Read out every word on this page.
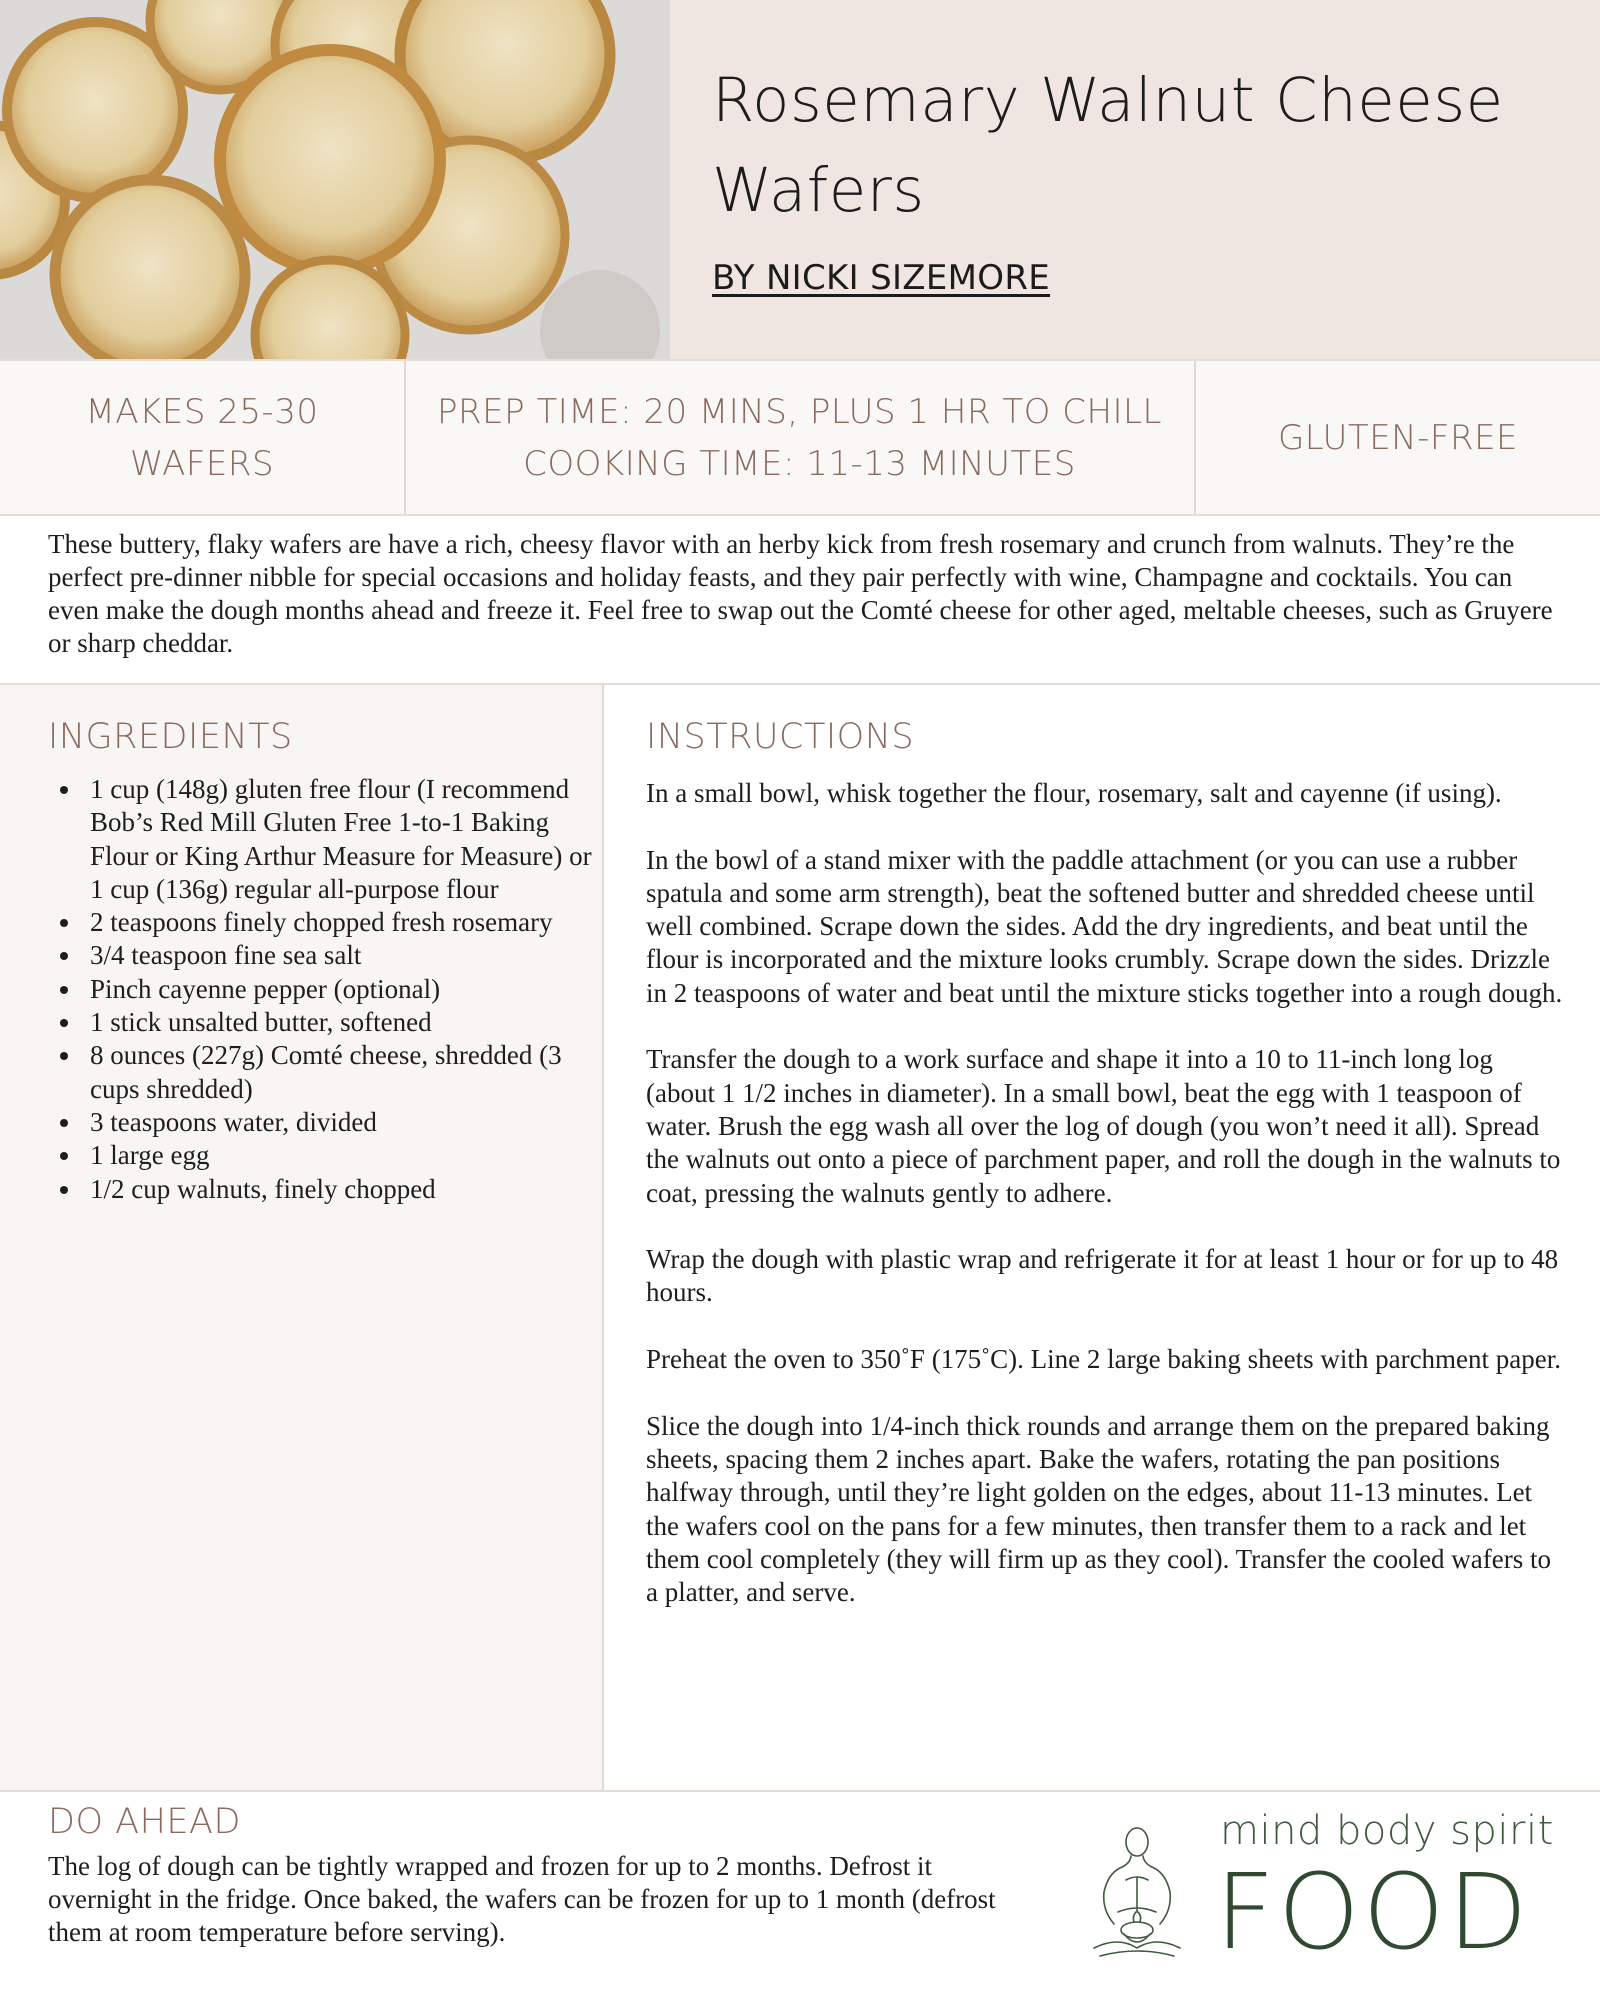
Rosemary Walnut Cheese Wafers
BY NICKI SIZEMORE
MAKES 25-30
WAFERS
PREP TIME: 20 MINS, PLUS 1 HR TO CHILL
COOKING TIME: 11-13 MINUTES
GLUTEN-FREE
These buttery, flaky wafers are have a rich, cheesy flavor with an herby kick from fresh rosemary and crunch from walnuts. They’re the perfect pre-dinner nibble for special occasions and holiday feasts, and they pair perfectly with wine, Champagne and cocktails. You can even make the dough months ahead and freeze it. Feel free to swap out the Comté cheese for other aged, meltable cheeses, such as Gruyere or sharp cheddar.
INGREDIENTS
1 cup (148g) gluten free flour (I recommend Bob’s Red Mill Gluten Free 1-to-1 Baking Flour or King Arthur Measure for Measure) or 1 cup (136g) regular all-purpose flour
2 teaspoons finely chopped fresh rosemary
3/4 teaspoon fine sea salt
Pinch cayenne pepper (optional)
1 stick unsalted butter, softened
8 ounces (227g) Comté cheese, shredded (3 cups shredded)
3 teaspoons water, divided
1 large egg
1/2 cup walnuts, finely chopped
INSTRUCTIONS

In a small bowl, whisk together the flour, rosemary, salt and cayenne (if using).

In the bowl of a stand mixer with the paddle attachment (or you can use a rubber spatula and some arm strength), beat the softened butter and shredded cheese until well combined. Scrape down the sides. Add the dry ingredients, and beat until the flour is incorporated and the mixture looks crumbly. Scrape down the sides. Drizzle in 2 teaspoons of water and beat until the mixture sticks together into a rough dough.

Transfer the dough to a work surface and shape it into a 10 to 11-inch long log (about 1 1/2 inches in diameter). In a small bowl, beat the egg with 1 teaspoon of water. Brush the egg wash all over the log of dough (you won’t need it all). Spread the walnuts out onto a piece of parchment paper, and roll the dough in the walnuts to coat, pressing the walnuts gently to adhere.

Wrap the dough with plastic wrap and refrigerate it for at least 1 hour or for up to 48 hours.

Preheat the oven to 350˚F (175˚C). Line 2 large baking sheets with parchment paper.

Slice the dough into 1/4-inch thick rounds and arrange them on the prepared baking sheets, spacing them 2 inches apart. Bake the wafers, rotating the pan positions halfway through, until they’re light golden on the edges, about 11-13 minutes. Let the wafers cool on the pans for a few minutes, then transfer them to a rack and let them cool completely (they will firm up as they cool). Transfer the cooled wafers to a platter, and serve.

DO AHEAD
The log of dough can be tightly wrapped and frozen for up to 2 months. Defrost it overnight in the fridge. Once baked, the wafers can be frozen for up to 1 month (defrost them at room temperature before serving).
mind body spirit
FOOD
